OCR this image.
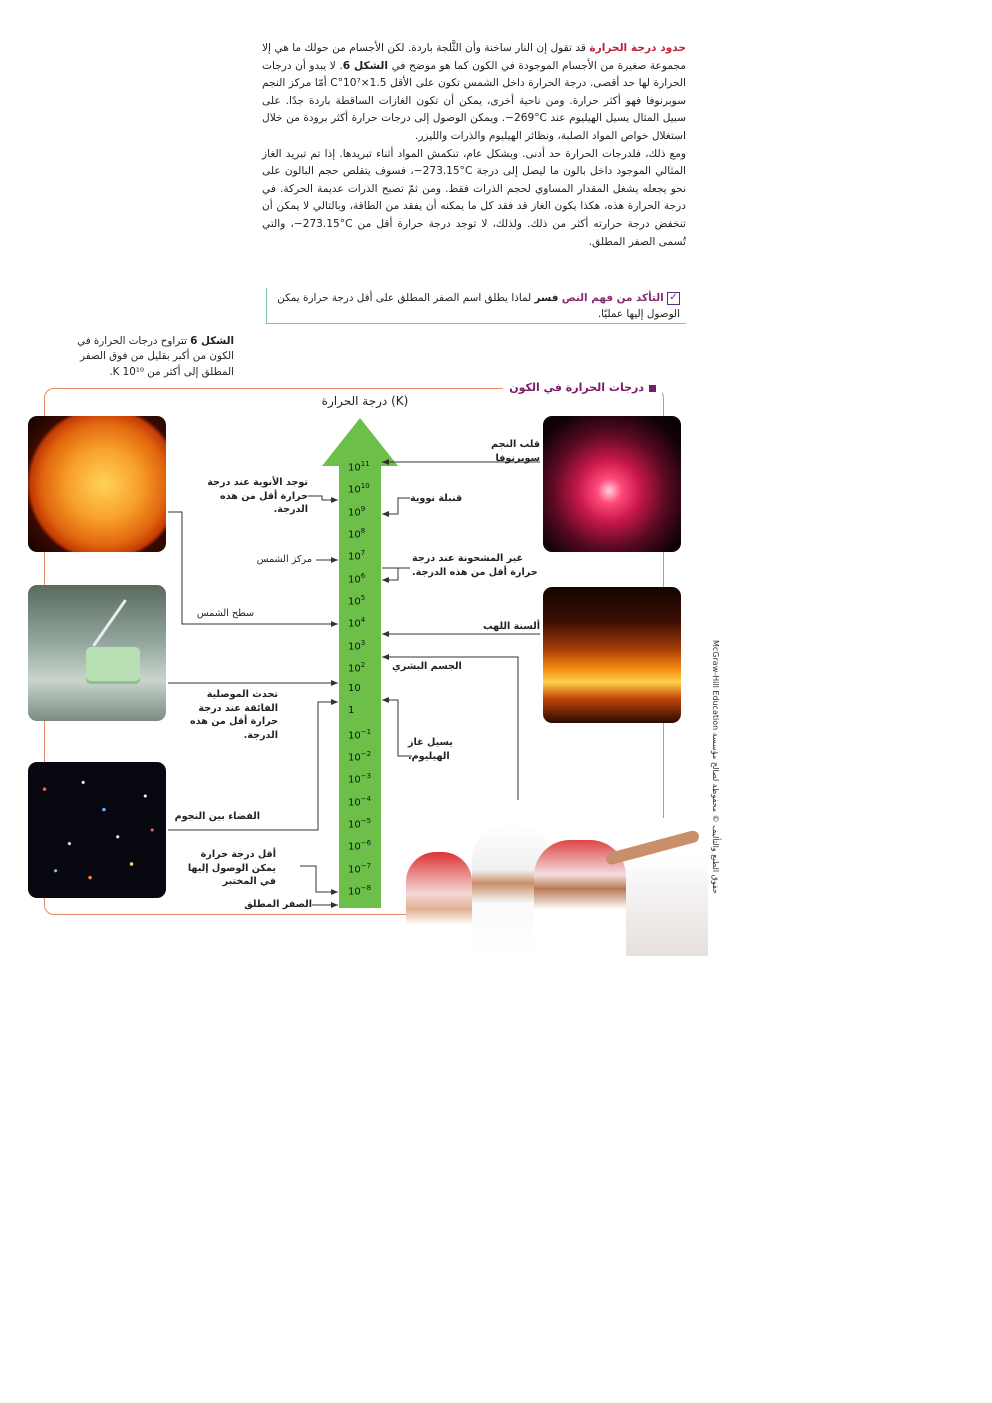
حدود درجة الحرارة قد تقول إن النار ساخنة وأن الثَّلجة باردة. لكن الأجسام من حولك ما هي إلا مجموعة صغيرة من الأجسام الموجودة في الكون كما هو موضح في الشكل 6. لا يبدو أن درجات الحرارة لها حد أقصى. درجة الحرارة داخل الشمس تكون على الأقل 1.5×10⁷°C أمّا مركز النجم سوبرنوفا فهو أكثر حرارة. ومن ناحية أخرى، يمكن أن تكون الغازات الساقطة باردة جدًا. على سبيل المثال يسيل الهيليوم عند ‎−269°C‎. ويمكن الوصول إلى درجات حرارة أكثر برودة من خلال استغلال خواص المواد الصلبة، ونظائر الهيليوم والذرات والليزر.

ومع ذلك، فلدرجات الحرارة حد أدنى. وبشكل عام، تنكمش المواد أثناء تبريدها. إذا تم تبريد الغاز المثالي الموجود داخل بالون ما ليصل إلى درجة ‎−273.15°C‎، فسوف يتقلص حجم البالون على نحو يجعله يشغل المقدار المساوي لحجم الذرات فقط. ومن ثمّ تصبح الذرات عديمة الحركة. في درجة الحرارة هذه، هكذا يكون الغاز قد فقد كل ما يمكنه أن يفقد من الطاقة، وبالتالي لا يمكن أن تنخفض درجة حرارته أكثر من ذلك. ولذلك، لا توجد درجة حرارة أقل من ‎−273.15°C‎، والتي تُسمى الصفر المطلق.

✓ التأكد من فهم النص فسر لماذا يطلق اسم الصفر المطلق على أقل درجة حرارة يمكن الوصول إليها عمليًا.
الشكل 6 تتراوح درجات الحرارة في الكون من أكبر بقليل من فوق الصفر المطلق إلى أكثر من 10¹⁰ K.
درجات الحرارة في الكون
(K) درجة الحرارة
$10^{11}$
$10^{10}$
$10^9$
$10^8$
$10^7$
$10^6$
$10^5$
$10^4$
$10^3$
$10^2$
10
1
$10^{-1}$
$10^{-2}$
$10^{-3}$
$10^{-4}$
$10^{-5}$
$10^{-6}$
$10^{-7}$
$10^{-8}$
قلب النجم سوبرنوفا
قنبلة نووية
غير المشحونة عند درجة حرارة أقل من هذه الدرجة.
ألسنة اللهب
الجسم البشري
يسيل غاز الهيليوم.
توجد الأنوية عند درجة حرارة أقل من هذه الدرجة.
مركز الشمس
سطح الشمس
تحدث الموصلية الفائقة عند درجة حرارة أقل من هذه الدرجة.
الفضاء بين النجوم
أقل درجة حرارة يمكن الوصول إليها في المختبر
الصفر المطلق
حقوق الطبع والتأليف © محفوظة لصالح مؤسسة McGraw-Hill Education
